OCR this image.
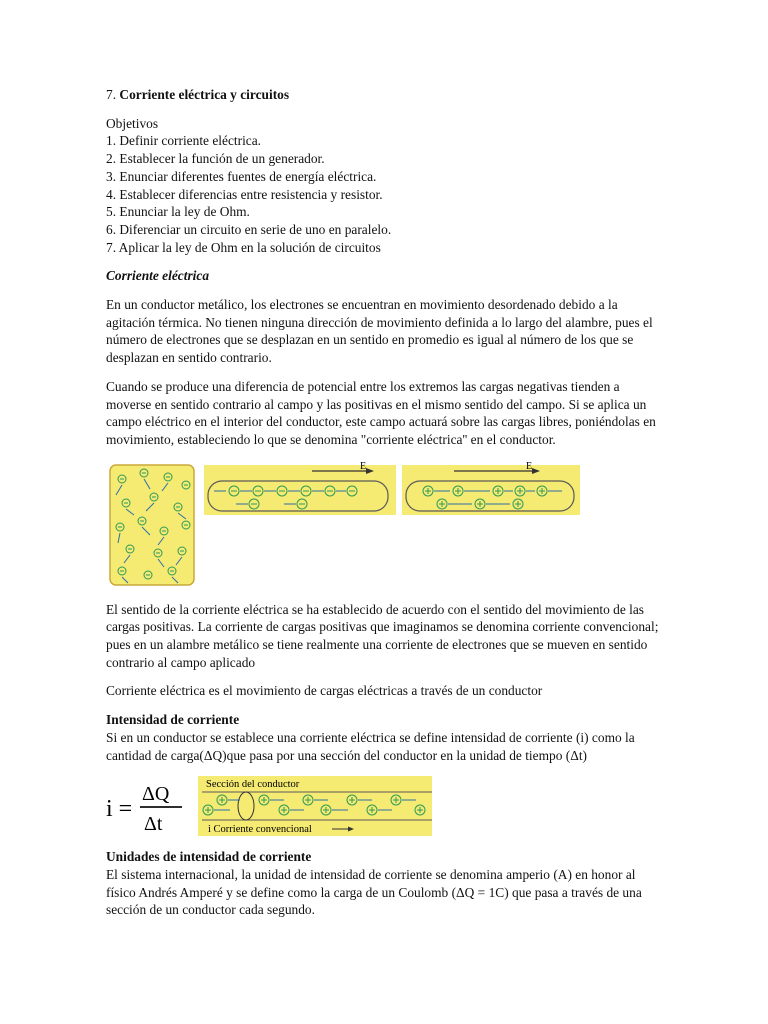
7. Corriente eléctrica y circuitos

Objetivos

1. Definir corriente eléctrica.

2. Establecer la función de un generador.

3. Enunciar diferentes fuentes de energía eléctrica.

4. Establecer diferencias entre resistencia y resistor.

5. Enunciar la ley de Ohm.

6. Diferenciar un circuito en serie de uno en paralelo.

7. Aplicar la ley de Ohm en la solución de circuitos

Corriente eléctrica

En un conductor metálico, los electrones se encuentran en movimiento desordenado debido a la agitación térmica. No tienen ninguna dirección de movimiento definida a lo largo del alambre, pues el número de electrones que se desplazan en un sentido en promedio es igual al número de los que se desplazan en sentido contrario.

Cuando se produce una diferencia de potencial entre los extremos las cargas negativas tienden a moverse en sentido contrario al campo y las positivas en el mismo sentido del campo. Si se aplica un campo eléctrico en el interior del conductor, este campo actuará sobre las cargas libres, poniéndolas en movimiento, estableciendo lo que se denomina "corriente eléctrica'' en el conductor.

E	E

El sentido de la corriente eléctrica se ha establecido de acuerdo con el sentido del movimiento de las cargas positivas. La corriente de cargas positivas que imaginamos se denomina corriente convencional; pues en un alambre metálico se tiene realmente una corriente de electrones que se mueven en sentido contrario al campo aplicado

Corriente eléctrica es el movimiento de cargas eléctricas a través de un conductor

Intensidad de corriente

Si en un conductor se establece una corriente eléctrica se define intensidad de corriente (i) como la cantidad de carga(ΔQ)que pasa por una sección del conductor en la unidad de tiempo (Δt)

i =
ΔQ
Δt
Sección del conductor
i Corriente convencional

Unidades de intensidad de corriente

El sistema internacional, la unidad de intensidad de corriente se denomina amperio (A) en honor al físico Andrés Amperé y se define como la carga de un Coulomb (ΔQ = 1C) que pasa a través de una sección de un conductor cada segundo.
